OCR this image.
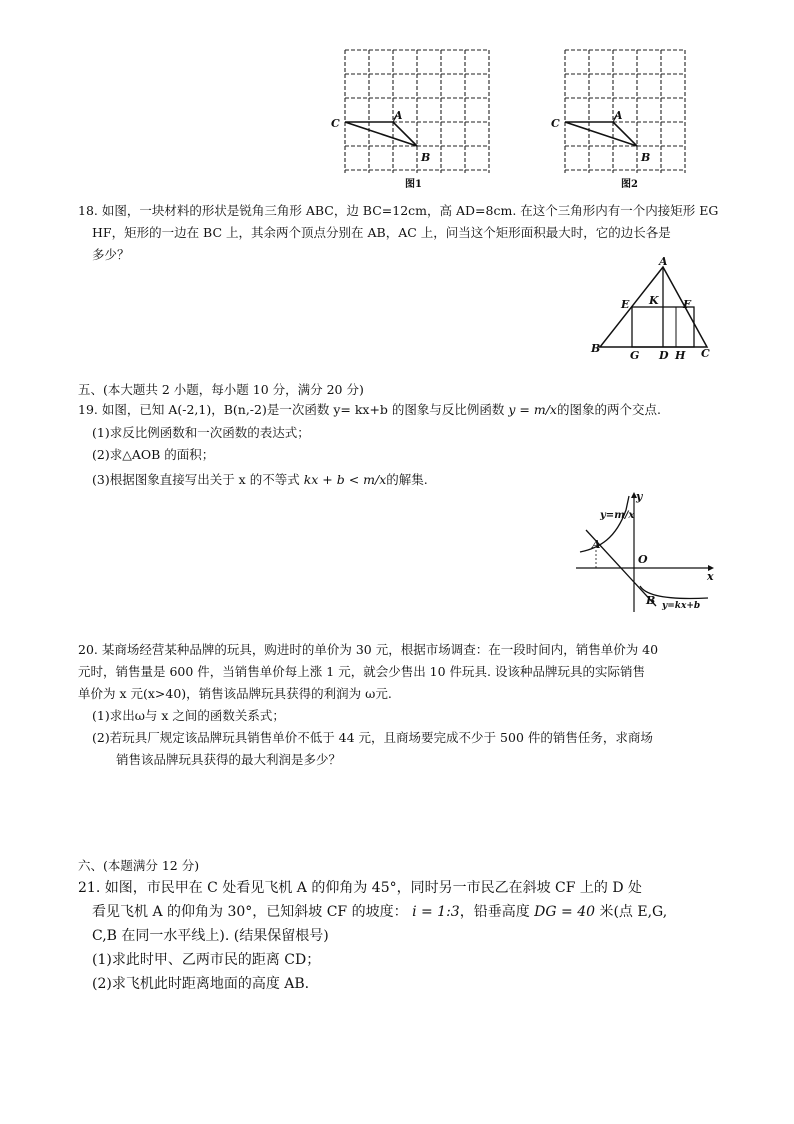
C
A
B
图1
C
A
B
图2
18. 如图，一块材料的形状是锐角三角形 ABC，边 BC=12cm，高 AD=8cm. 在这个三角形内有一个内接矩形 EG
HF，矩形的一边在 BC 上，其余两个顶点分别在 AB，AC 上，问当这个矩形面积最大时，它的边长各是
多少？	A
E K F
B
G D H C
五、(本大题共 2 小题，每小题 10 分，满分 20 分)
19. 如图，已知 A(-2,1)，B(n,-2)是一次函数 y= kx+b 的图象与反比例函数 y = m/x的图象的两个交点.
(1)求反比例函数和一次函数的表达式；
(2)求△AOB 的面积；
(3)根据图象直接写出关于 x 的不等式 kx + b < m/x的解集.
y
x
O
A
B
y=m/x
y=kx+b
20. 某商场经营某种品牌的玩具，购进时的单价为 30 元，根据市场调查：在一段时间内，销售单价为 40
元时，销售量是 600 件，当销售单价每上涨 1 元，就会少售出 10 件玩具. 设该种品牌玩具的实际销售
单价为 x 元(x>40)，销售该品牌玩具获得的利润为 ω元.
(1)求出ω与 x 之间的函数关系式；
(2)若玩具厂规定该品牌玩具销售单价不低于 44 元，且商场要完成不少于 500 件的销售任务，求商场
销售该品牌玩具获得的最大利润是多少？
六、(本题满分 12 分)
21. 如图，市民甲在 C 处看见飞机 A 的仰角为 45°，同时另一市民乙在斜坡 CF 上的 D 处
看见飞机 A 的仰角为 30°，已知斜坡 CF 的坡度： i = 1:3，铅垂高度 DG = 40 米(点 E,G,
C,B 在同一水平线上). (结果保留根号)
(1)求此时甲、乙两市民的距离 CD；
(2)求飞机此时距离地面的高度 AB.
